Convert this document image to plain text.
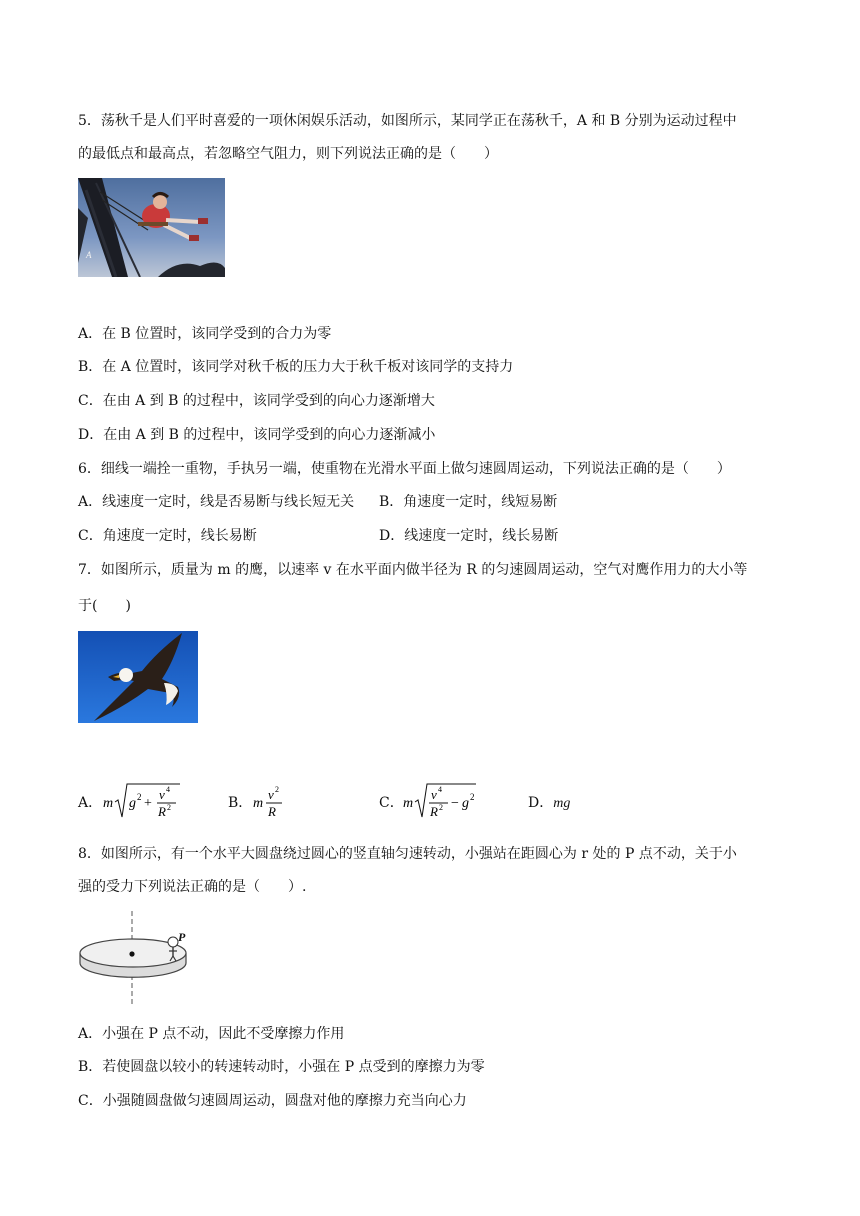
5．荡秋千是人们平时喜爱的一项休闲娱乐活动，如图所示，某同学正在荡秋千，A 和 B 分别为运动过程中
的最低点和最高点，若忽略空气阻力，则下列说法正确的是（　　）
A
A．在 B 位置时，该同学受到的合力为零
B．在 A 位置时，该同学对秋千板的压力大于秋千板对该同学的支持力
C．在由 A 到 B 的过程中，该同学受到的向心力逐渐增大
D．在由 A 到 B 的过程中，该同学受到的向心力逐渐减小
6．细线一端拴一重物，手执另一端，使重物在光滑水平面上做匀速圆周运动，下列说法正确的是（　　）
A．线速度一定时，线是否易断与线长短无关 B．角速度一定时，线短易断
C．角速度一定时，线长易断	D．线速度一定时，线长易断
7．如图所示，质量为 m 的鹰，以速率 v 在水平面内做半径为 R 的匀速圆周运动，空气对鹰作用力的大小等
于(　　)
A． m g 2 +
v 4
R 2	B． m
v 2
R
C． m
v 4
R 2 − g 2	D．mg
8．如图所示，有一个水平大圆盘绕过圆心的竖直轴匀速转动，小强站在距圆心为 r 处的 P 点不动，关于小
强的受力下列说法正确的是（　　）.
P
A．小强在 P 点不动，因此不受摩擦力作用
B．若使圆盘以较小的转速转动时，小强在 P 点受到的摩擦力为零
C．小强随圆盘做匀速圆周运动，圆盘对他的摩擦力充当向心力
